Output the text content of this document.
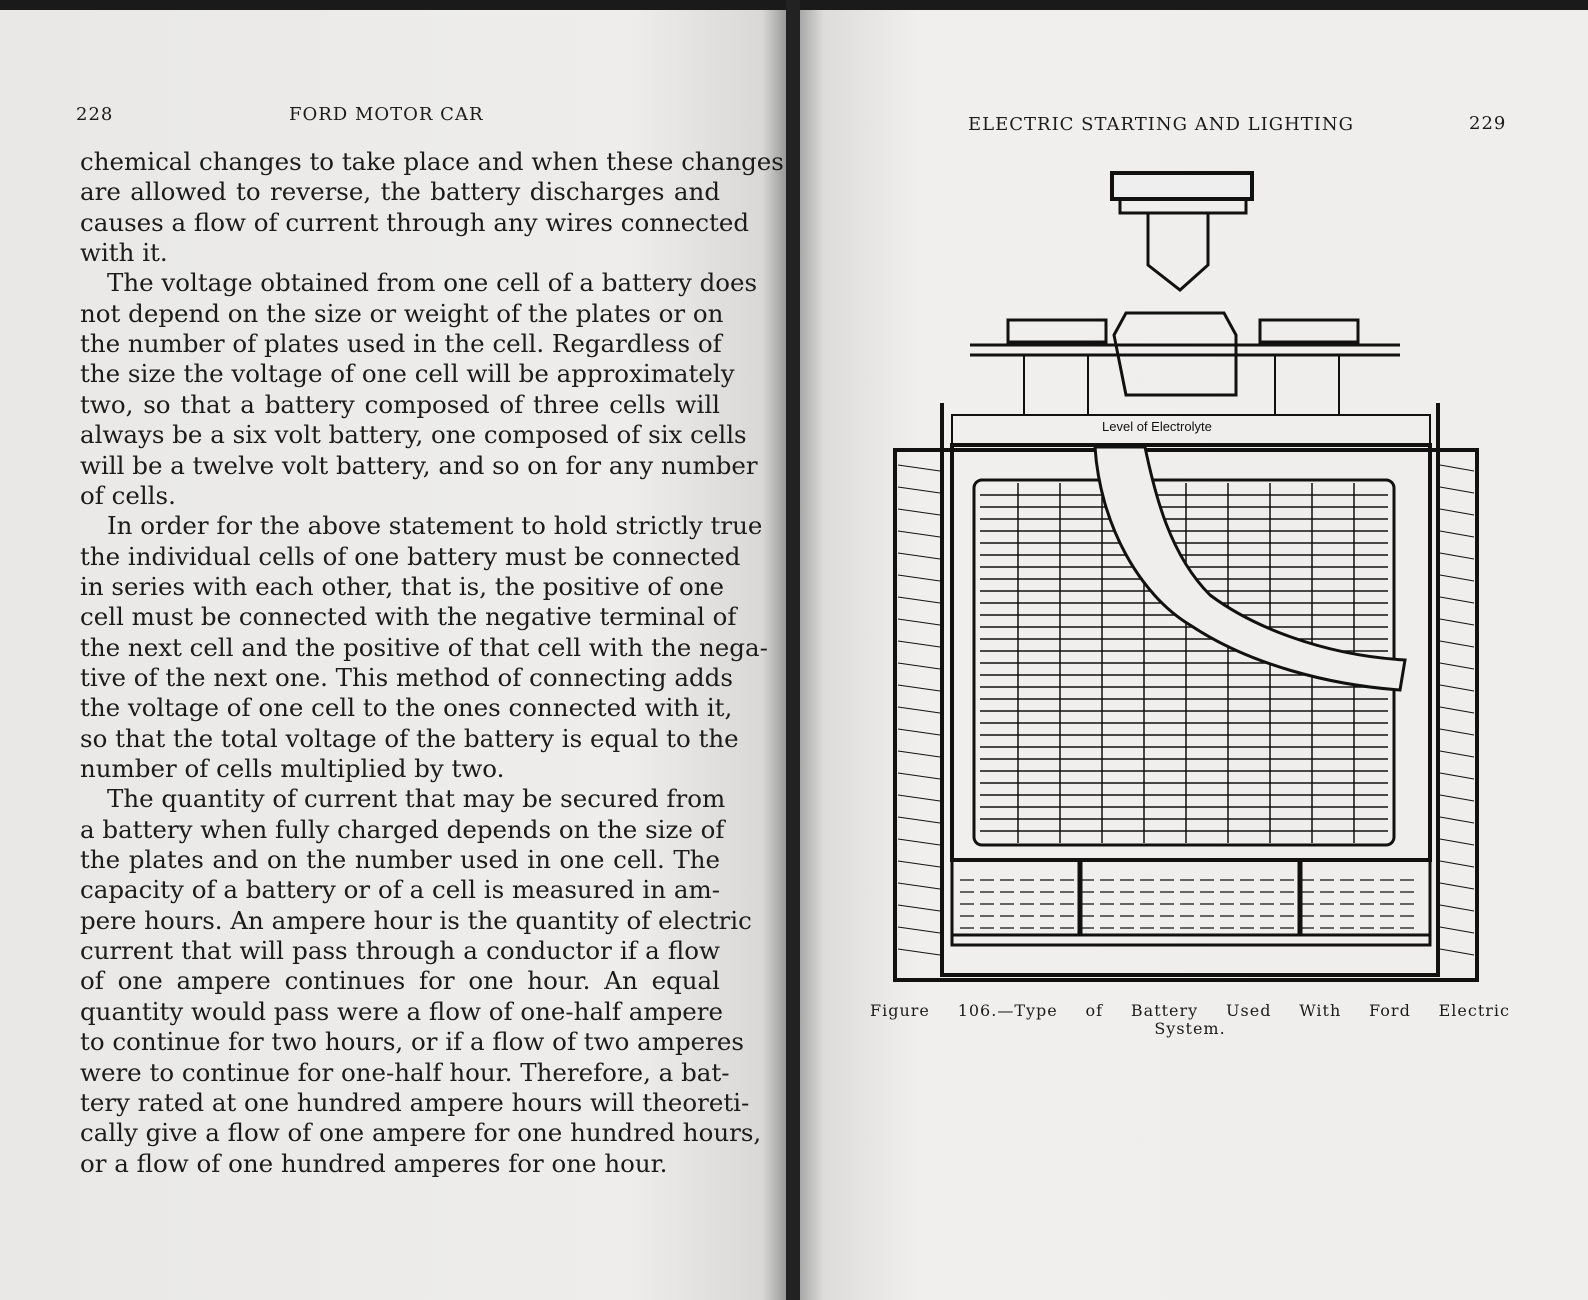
228	FORD MOTOR CAR
chemical changes to take place and when these changes
are allowed to reverse, the battery discharges and
causes a flow of current through any wires connected
with it.
The voltage obtained from one cell of a battery does
not depend on the size or weight of the plates or on
the number of plates used in the cell. Regardless of
the size the voltage of one cell will be approximately
two, so that a battery composed of three cells will
always be a six volt battery, one composed of six cells
will be a twelve volt battery, and so on for any number
of cells.
In order for the above statement to hold strictly true
the individual cells of one battery must be connected
in series with each other, that is, the positive of one
cell must be connected with the negative terminal of
the next cell and the positive of that cell with the nega-
tive of the next one. This method of connecting adds
the voltage of one cell to the ones connected with it,
so that the total voltage of the battery is equal to the
number of cells multiplied by two.
The quantity of current that may be secured from
a battery when fully charged depends on the size of
the plates and on the number used in one cell. The
capacity of a battery or of a cell is measured in am-
pere hours. An ampere hour is the quantity of electric
current that will pass through a conductor if a flow
of one ampere continues for one hour. An equal
quantity would pass were a flow of one-half ampere
to continue for two hours, or if a flow of two amperes
were to continue for one-half hour. Therefore, a bat-
tery rated at one hundred ampere hours will theoreti-
cally give a flow of one ampere for one hundred hours,
or a flow of one hundred amperes for one hour.
ELECTRIC STARTING AND LIGHTING	229
Level of Electrolyte
Figure 106.—Type of Battery Used With Ford Electric
System.
